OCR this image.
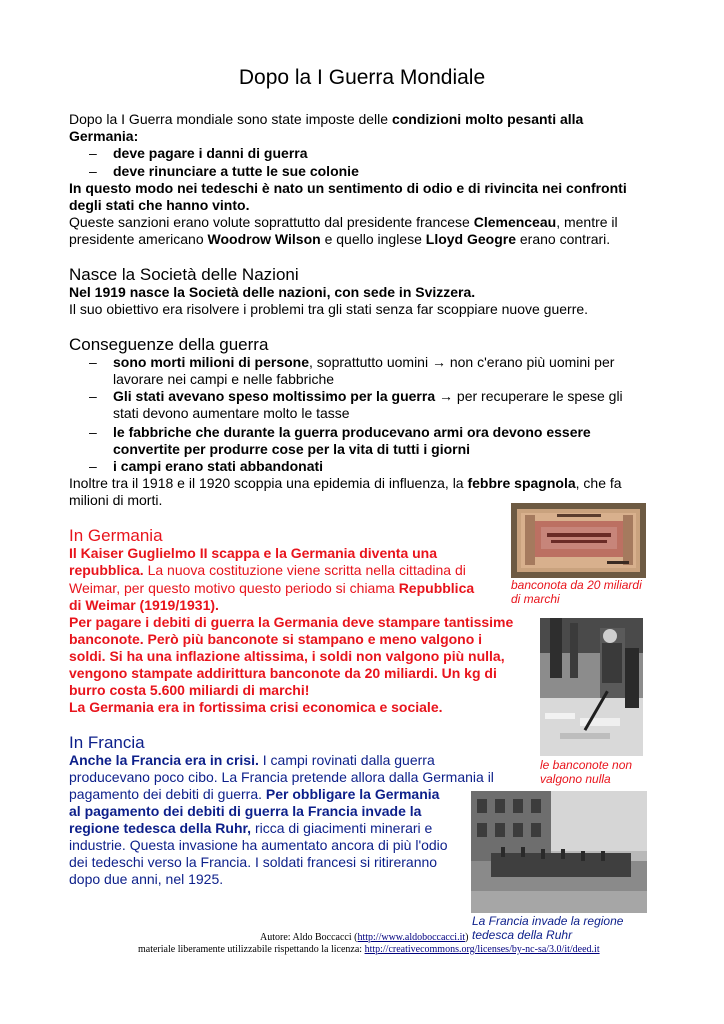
Dopo la I Guerra Mondiale
Dopo la I Guerra mondiale sono state imposte delle condizioni molto pesanti alla
Germania:
– deve pagare i danni di guerra
– deve rinunciare a tutte le sue colonie
In questo modo nei tedeschi è nato un sentimento di odio e di rivincita nei confronti
degli stati che hanno vinto.
Queste sanzioni erano volute soprattutto dal presidente francese Clemenceau, mentre il
presidente americano Woodrow Wilson e quello inglese Lloyd Geogre erano contrari.
Nasce la Società delle Nazioni
Nel 1919 nasce la Società delle nazioni, con sede in Svizzera.
Il suo obiettivo era risolvere i problemi tra gli stati senza far scoppiare nuove guerre.
Conseguenze della guerra
– sono morti milioni di persone, soprattutto uomini → non c'erano più uomini per
lavorare nei campi e nelle fabbriche
– Gli stati avevano speso moltissimo per la guerra → per recuperare le spese gli
stati devono aumentare molto le tasse
– le fabbriche che durante la guerra producevano armi ora devono essere
convertite per produrre cose per la vita di tutti i giorni
– i campi erano stati abbandonati
Inoltre tra il 1918 e il 1920 scoppia una epidemia di influenza, la febbre spagnola, che fa
milioni di morti.
In Germania
Il Kaiser Guglielmo II scappa e la Germania diventa una
repubblica. La nuova costituzione viene scritta nella cittadina di
Weimar, per questo motivo questo periodo si chiama Repubblica
di Weimar (1919/1931).
Per pagare i debiti di guerra la Germania deve stampare tantissime
banconote. Però più banconote si stampano e meno valgono i
soldi. Si ha una inflazione altissima, i soldi non valgono più nulla,
vengono stampate addirittura banconote da 20 miliardi. Un kg di
burro costa 5.600 miliardi di marchi!
La Germania era in fortissima crisi economica e sociale.
In Francia
Anche la Francia era in crisi. I campi rovinati dalla guerra
producevano poco cibo. La Francia pretende allora dalla Germania il
pagamento dei debiti di guerra. Per obbligare la Germania
al pagamento dei debiti di guerra la Francia invade la
regione tedesca della Ruhr, ricca di giacimenti minerari e
industrie. Questa invasione ha aumentato ancora di più l'odio
dei tedeschi verso la Francia. I soldati francesi si ritireranno
dopo due anni, nel 1925.
banconota da 20 miliardi
di marchi
le banconote non
valgono nulla
La Francia invade la regione
tedesca della Ruhr
Autore: Aldo Boccacci (http://www.aldoboccacci.it)
materiale liberamente utilizzabile rispettando la licenza: http://creativecommons.org/licenses/by-nc-sa/3.0/it/deed.it
